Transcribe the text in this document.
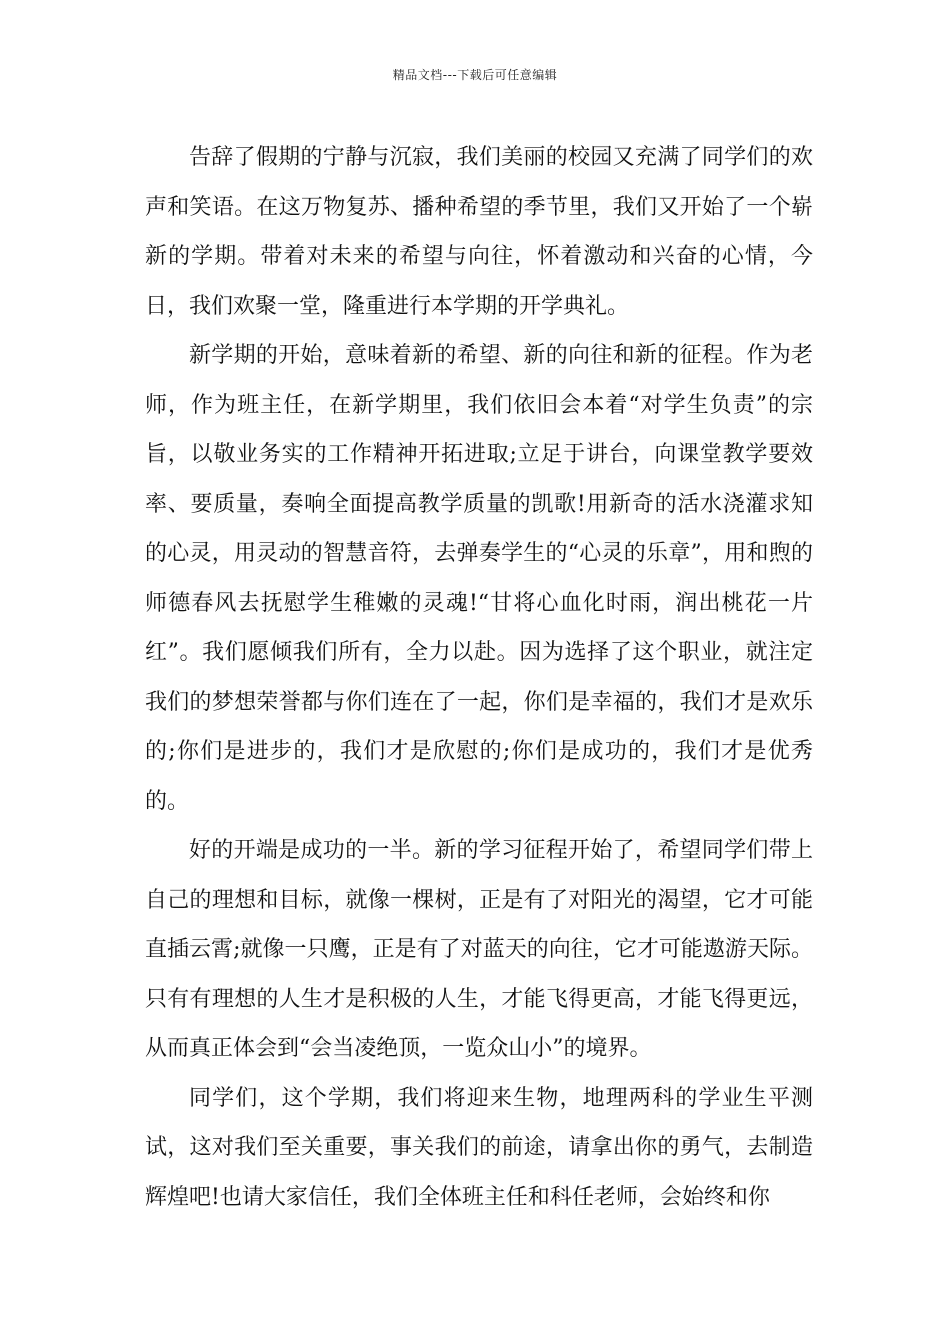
精品文档---下载后可任意编辑

告辞了假期的宁静与沉寂，我们美丽的校园又充满了同学们的欢声和笑语。在这万物复苏、播种希望的季节里，我们又开始了一个崭新的学期。带着对未来的希望与向往，怀着激动和兴奋的心情，今日，我们欢聚一堂，隆重进行本学期的开学典礼。

新学期的开始，意味着新的希望、新的向往和新的征程。作为老师，作为班主任，在新学期里，我们依旧会本着“对学生负责”的宗旨，以敬业务实的工作精神开拓进取;立足于讲台，向课堂教学要效率、要质量，奏响全面提高教学质量的凯歌!用新奇的活水浇灌求知的心灵，用灵动的智慧音符，去弹奏学生的“心灵的乐章”，用和煦的师德春风去抚慰学生稚嫩的灵魂!“甘将心血化时雨，润出桃花一片红”。我们愿倾我们所有，全力以赴。因为选择了这个职业，就注定我们的梦想荣誉都与你们连在了一起，你们是幸福的，我们才是欢乐的;你们是进步的，我们才是欣慰的;你们是成功的，我们才是优秀的。

好的开端是成功的一半。新的学习征程开始了，希望同学们带上自己的理想和目标，就像一棵树，正是有了对阳光的渴望，它才可能直插云霄;就像一只鹰，正是有了对蓝天的向往，它才可能遨游天际。只有有理想的人生才是积极的人生，才能飞得更高，才能飞得更远，从而真正体会到“会当凌绝顶，一览众山小”的境界。

同学们，这个学期，我们将迎来生物，地理两科的学业生平测试，这对我们至关重要，事关我们的前途，请拿出你的勇气，去制造辉煌吧!也请大家信任，我们全体班主任和科任老师，会始终和你
